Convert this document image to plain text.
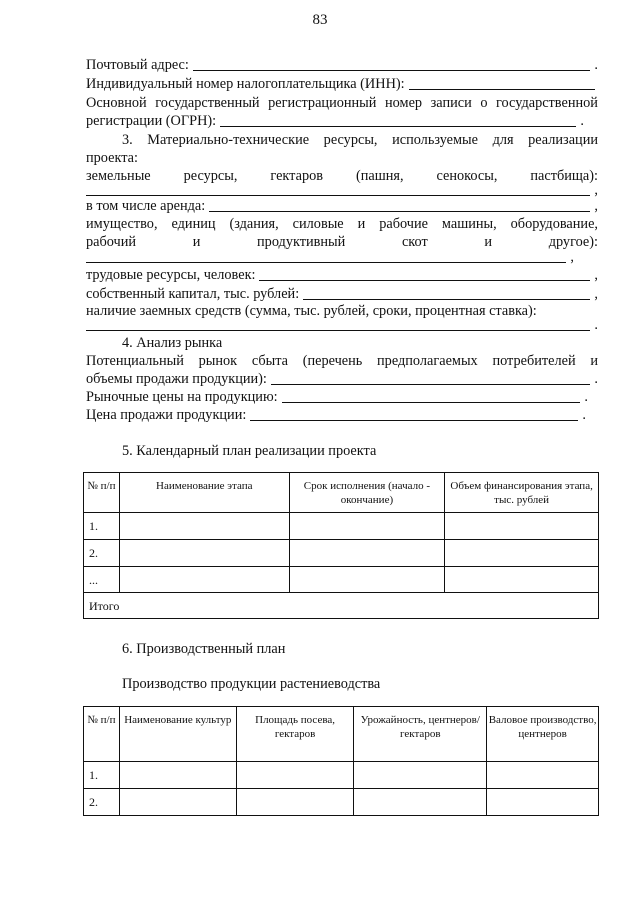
83
Почтовый адрес:	.
Индивидуальный номер налогоплательщика (ИНН):
Основной государственный регистрационный номер записи о государственной
регистрации (ОГРН):	.
3. Материально-технические ресурсы, используемые для реализации
проекта:
земельные ресурсы, гектаров (пашня, сенокосы, пастбища):
,
в том числе аренда:	,
имущество, единиц (здания, силовые и рабочие машины, оборудование,
рабочий	и	продуктивный	скот	и	другое):
,
трудовые ресурсы, человек:	,
собственный капитал, тыс. рублей:	,
наличие заемных средств (сумма, тыс. рублей, сроки, процентная ставка):
.
4. Анализ рынка
Потенциальный рынок сбыта (перечень предполагаемых потребителей и
объемы продажи продукции):	.
Рыночные цены на продукцию:	.
Цена продажи продукции:	.
5. Календарный план реализации проекта
№ п/п	Наименование этапа	Срок исполнения (начало - окончание)	Объем финансирования этапа, тыс. рублей
1.			
2.			
...			
Итого			
6. Производственный план
Производство продукции растениеводства
№ п/п	Наименование культур	Площадь посева, гектаров	Урожайность, центнеров/гектаров	Валовое производство, центнеров
1.				
2.				
